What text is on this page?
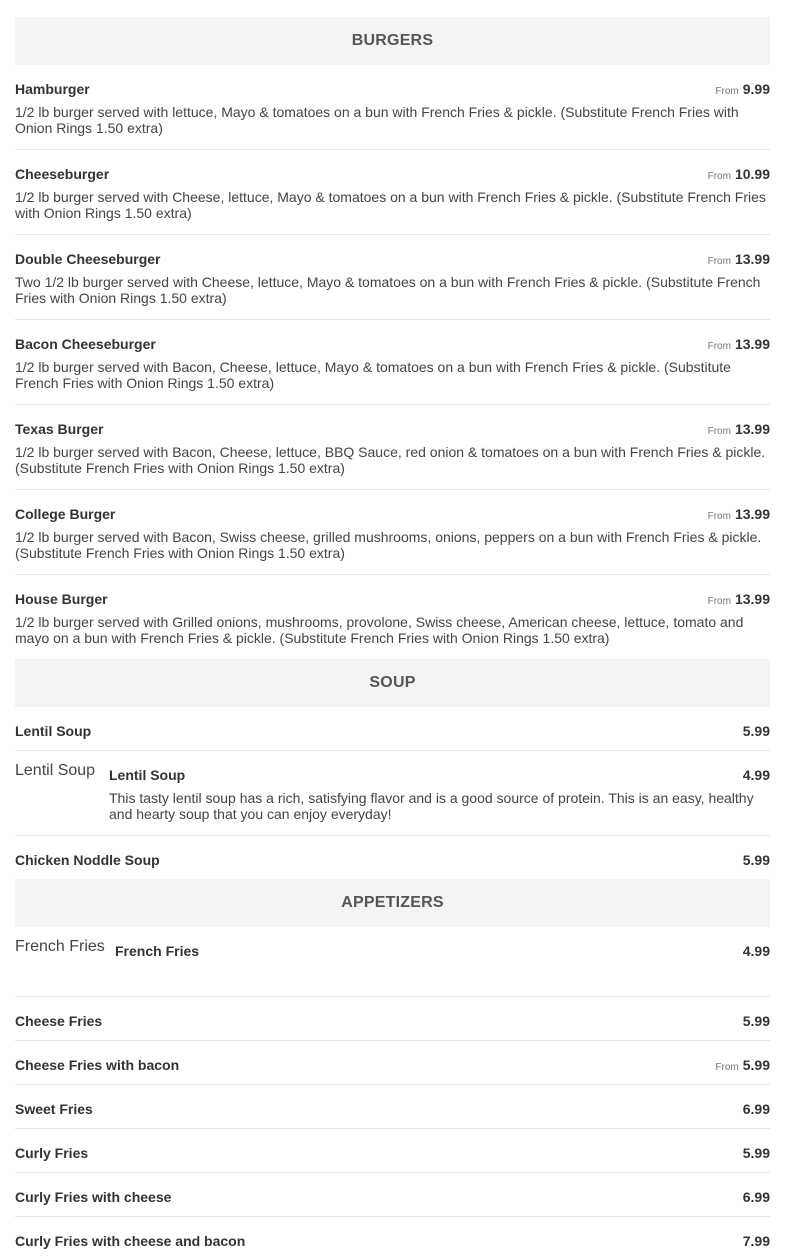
BURGERS
Hamburger	From 9.99
1/2 lb burger served with lettuce, Mayo & tomatoes on a bun with French Fries & pickle. (Substitute French Fries with Onion Rings 1.50 extra)
Cheeseburger	From 10.99
1/2 lb burger served with Cheese, lettuce, Mayo & tomatoes on a bun with French Fries & pickle. (Substitute French Fries with Onion Rings 1.50 extra)
Double Cheeseburger	From 13.99
Two 1/2 lb burger served with Cheese, lettuce, Mayo & tomatoes on a bun with French Fries & pickle. (Substitute French Fries with Onion Rings 1.50 extra)
Bacon Cheeseburger	From 13.99
1/2 lb burger served with Bacon, Cheese, lettuce, Mayo & tomatoes on a bun with French Fries & pickle. (Substitute French Fries with Onion Rings 1.50 extra)
Texas Burger	From 13.99
1/2 lb burger served with Bacon, Cheese, lettuce, BBQ Sauce, red onion & tomatoes on a bun with French Fries & pickle. (Substitute French Fries with Onion Rings 1.50 extra)
College Burger	From 13.99
1/2 lb burger served with Bacon, Swiss cheese, grilled mushrooms, onions, peppers on a bun with French Fries & pickle. (Substitute French Fries with Onion Rings 1.50 extra)
House Burger	From 13.99
1/2 lb burger served with Grilled onions, mushrooms, provolone, Swiss cheese, American cheese, lettuce, tomato and mayo on a bun with French Fries & pickle. (Substitute French Fries with Onion Rings 1.50 extra)
SOUP
Lentil Soup	5.99
Lentil Soup Lentil Soup	4.99
This tasty lentil soup has a rich, satisfying flavor and is a good source of protein. This is an easy, healthy and hearty soup that you can enjoy everyday!
Chicken Noddle Soup	5.99
APPETIZERS
French Fries French Fries	4.99
Cheese Fries	5.99
Cheese Fries with bacon	From 5.99
Sweet Fries	6.99
Curly Fries	5.99
Curly Fries with cheese	6.99
Curly Fries with cheese and bacon	7.99
